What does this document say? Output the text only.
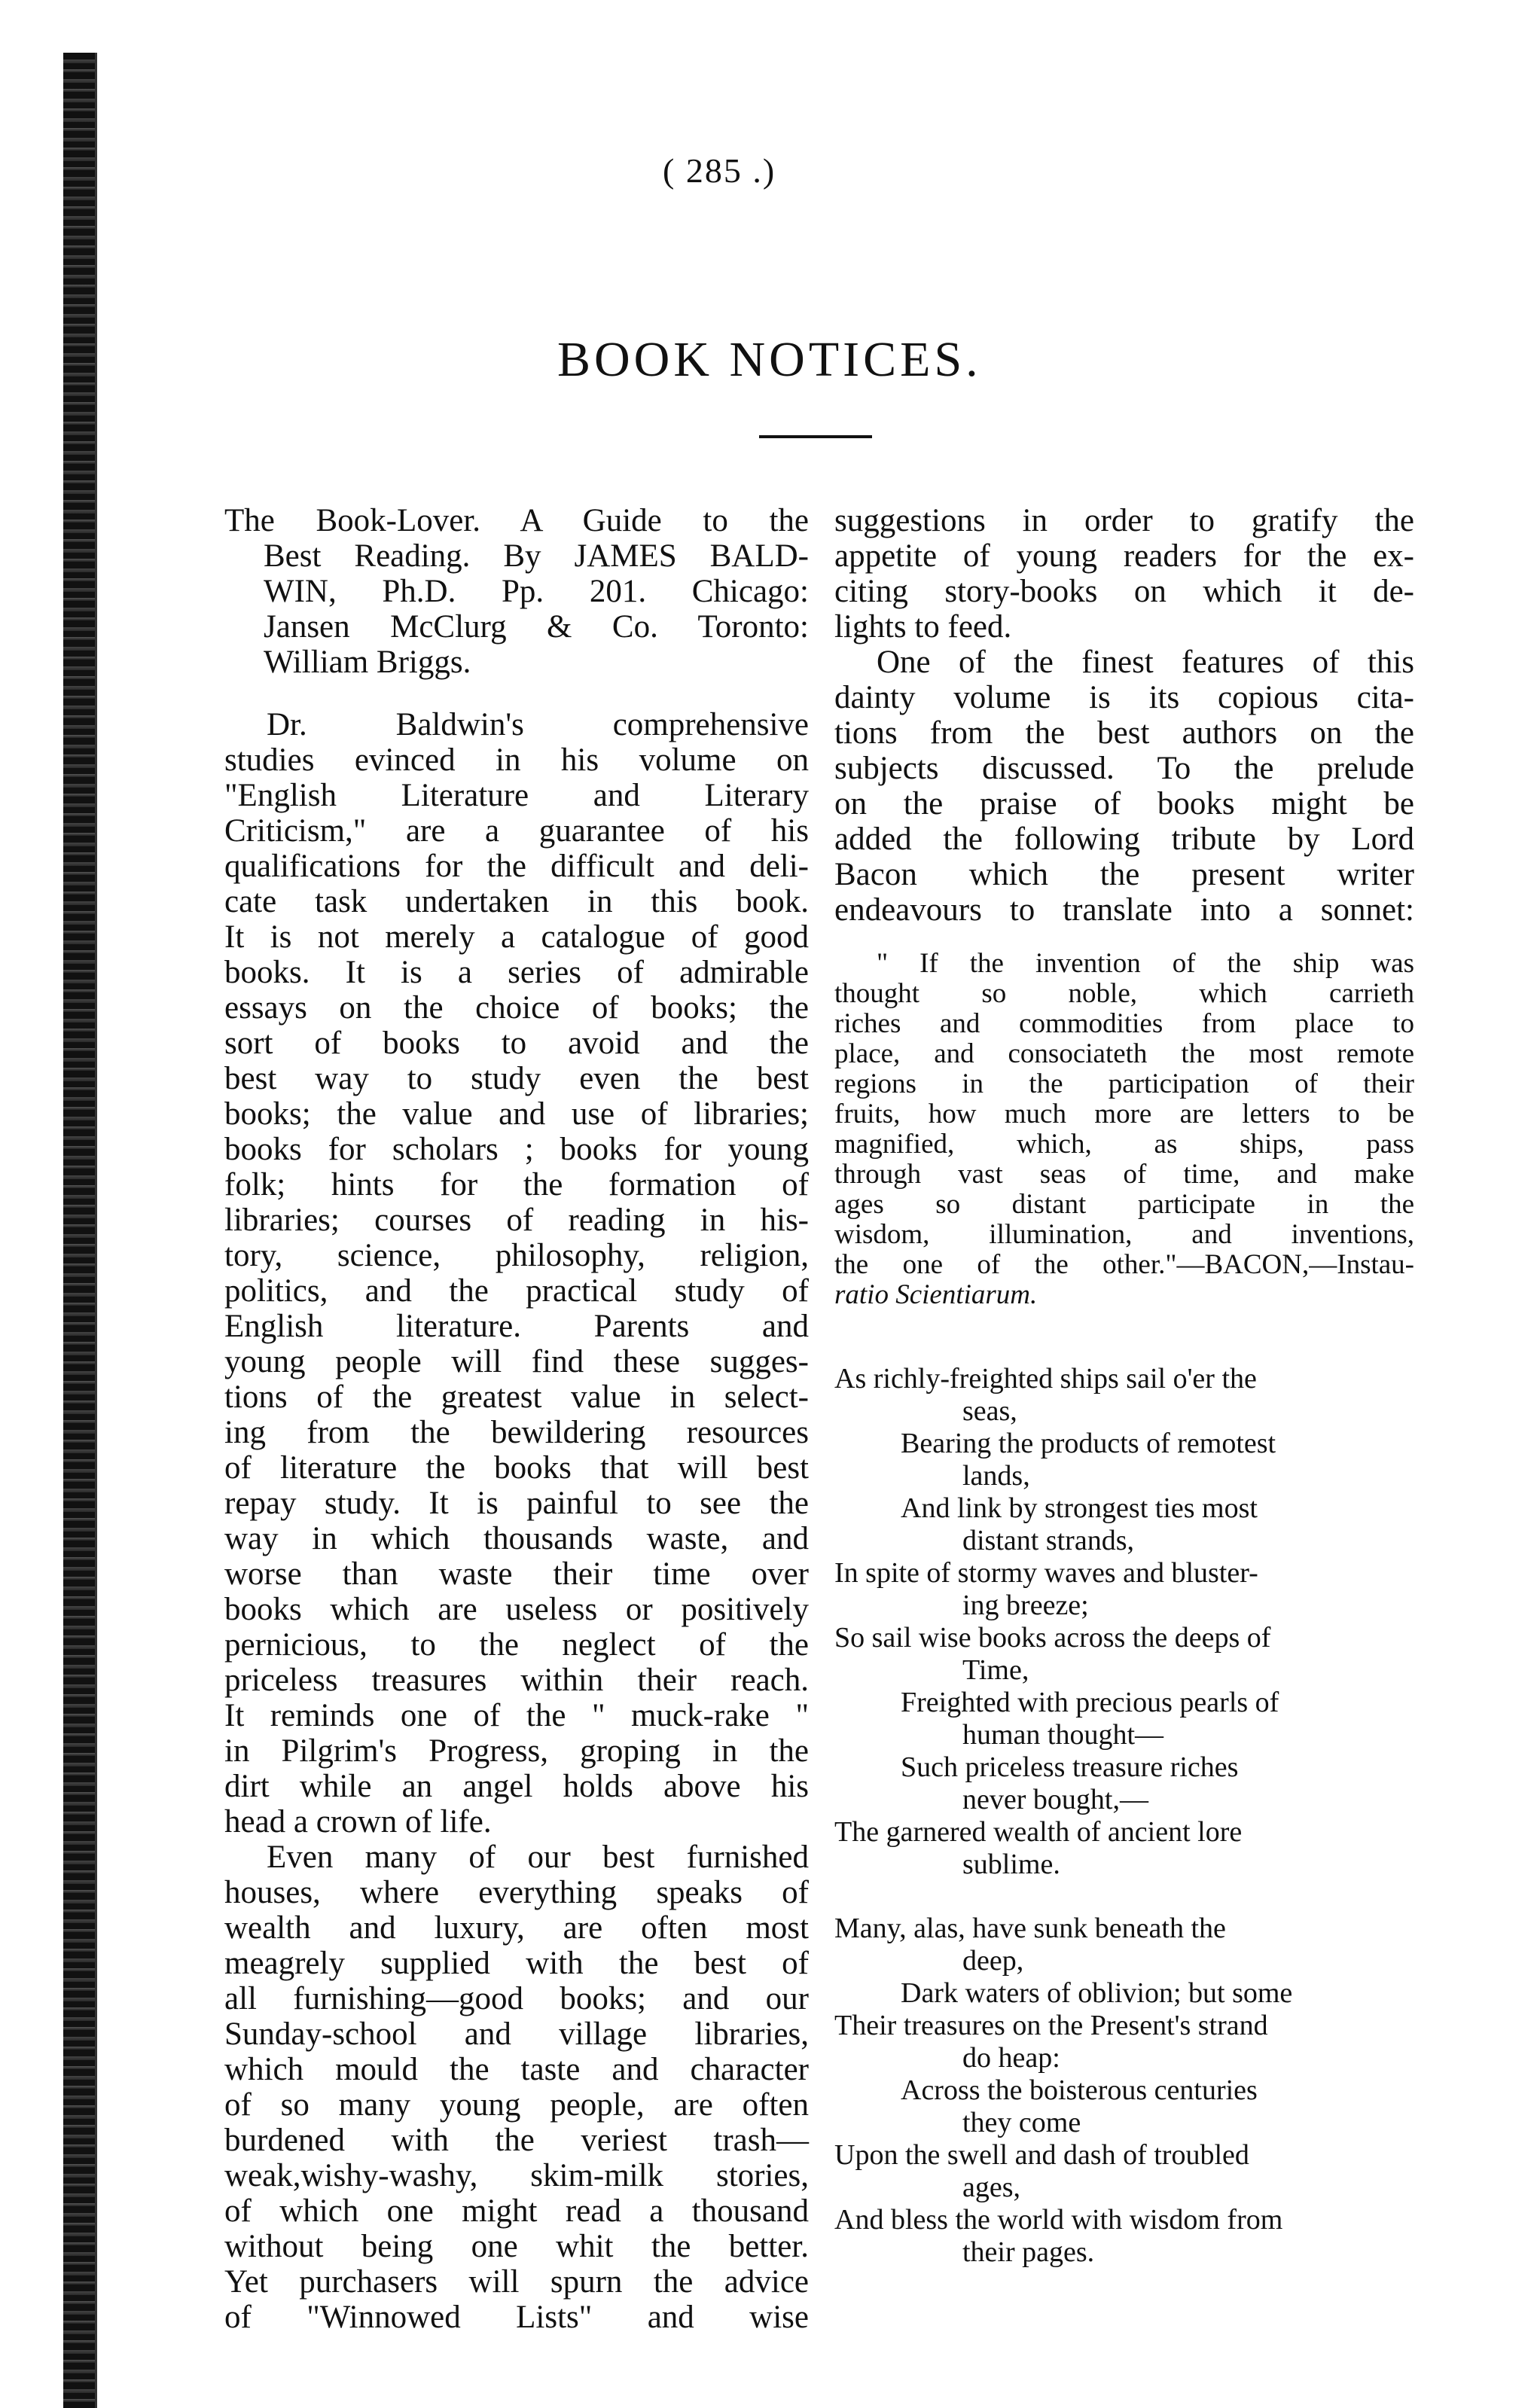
( 285 .)
BOOK NOTICES.
The Book-Lover. A Guide to the
Best Reading. By JAMES BALD-
WIN, Ph.D. Pp. 201. Chicago:
Jansen McClurg & Co. Toronto:
William Briggs.
Dr. Baldwin's comprehensive
studies evinced in his volume on
"English Literature and Literary
Criticism," are a guarantee of his
qualifications for the difficult and deli-
cate task undertaken in this book.
It is not merely a catalogue of good
books. It is a series of admirable
essays on the choice of books; the
sort of books to avoid and the
best way to study even the best
books; the value and use of libraries;
books for scholars ; books for young
folk; hints for the formation of
libraries; courses of reading in his-
tory, science, philosophy, religion,
politics, and the practical study of
English literature. Parents and
young people will find these sugges-
tions of the greatest value in select-
ing from the bewildering resources
of literature the books that will best
repay study. It is painful to see the
way in which thousands waste, and
worse than waste their time over
books which are useless or positively
pernicious, to the neglect of the
priceless treasures within their reach.
It reminds one of the " muck-rake "
in Pilgrim's Progress, groping in the
dirt while an angel holds above his
head a crown of life.
Even many of our best furnished
houses, where everything speaks of
wealth and luxury, are often most
meagrely supplied with the best of
all furnishing—good books; and our
Sunday-school and village libraries,
which mould the taste and character
of so many young people, are often
burdened with the veriest trash—
weak,wishy-washy, skim-milk stories,
of which one might read a thousand
without being one whit the better.
Yet purchasers will spurn the advice
of "Winnowed Lists" and wise
suggestions in order to gratify the
appetite of young readers for the ex-
citing story-books on which it de-
lights to feed.
One of the finest features of this
dainty volume is its copious cita-
tions from the best authors on the
subjects discussed. To the prelude
on the praise of books might be
added the following tribute by Lord
Bacon which the present writer
endeavours to translate into a sonnet:
" If the invention of the ship was
thought so noble, which carrieth
riches and commodities from place to
place, and consociateth the most remote
regions in the participation of their
fruits, how much more are letters to be
magnified, which, as ships, pass
through vast seas of time, and make
ages so distant participate in the
wisdom, illumination, and inventions,
the one of the other."—BACON,—Instau-
ratio Scientiarum.
As richly-freighted ships sail o'er the
seas,
Bearing the products of remotest
lands,
And link by strongest ties most
distant strands,
In spite of stormy waves and bluster-
ing breeze;
So sail wise books across the deeps of
Time,
Freighted with precious pearls of
human thought—
Such priceless treasure riches
never bought,—
The garnered wealth of ancient lore
sublime.
Many, alas, have sunk beneath the
deep,
Dark waters of oblivion; but some
Their treasures on the Present's strand
do heap:
Across the boisterous centuries
they come
Upon the swell and dash of troubled
ages,
And bless the world with wisdom from
their pages.
